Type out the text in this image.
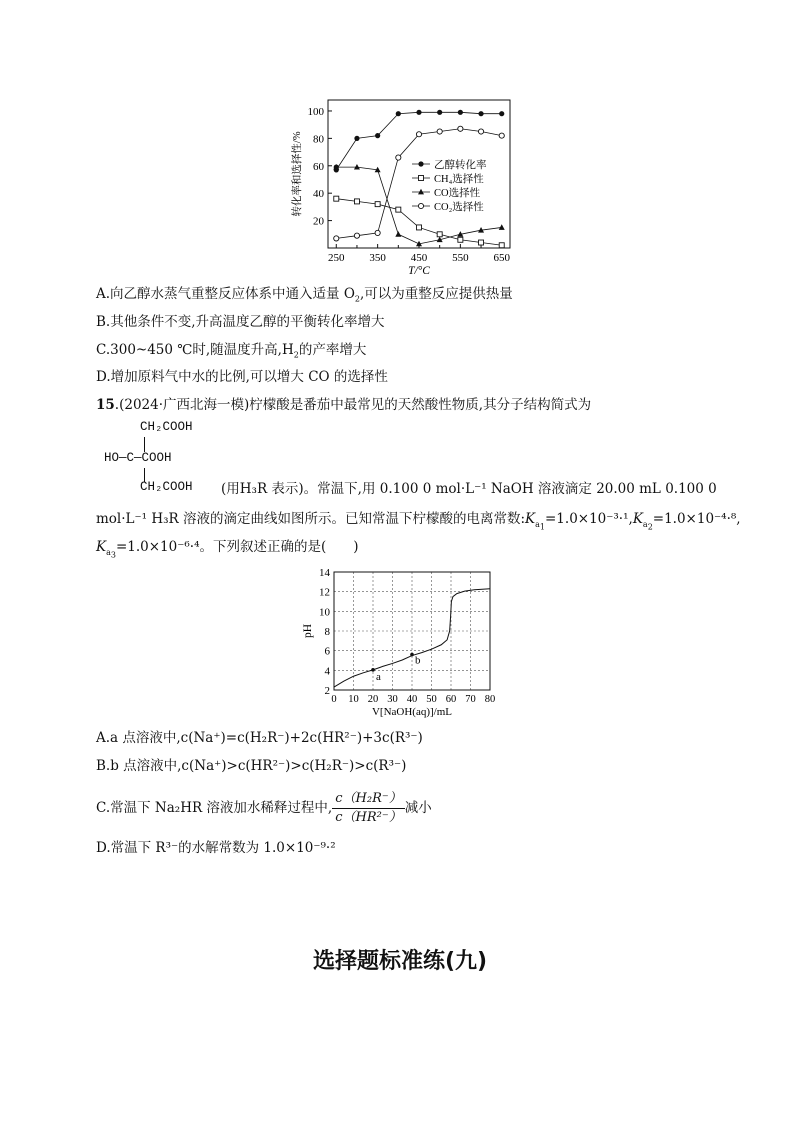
20
40
60
80
100
250 350 450 550 650
T/°C
转化率和选择性/%	乙醇转化率
CH₄选择性
CO选择性
CO₂选择性
A.向乙醇水蒸气重整反应体系中通入适量 $O_2$,可以为重整反应提供热量
B.其他条件不变,升高温度乙醇的平衡转化率增大
C.300~450 ℃时,随温度升高$,H_2$的产率增大
D.增加原料气中水的比例,可以增大 CO 的选择性
15.(2024·广西北海一模)柠檬酸是番茄中最常见的天然酸性物质,其分子结构简式为
CH₂COOH
HO—C—COOH
CH₂COOH (用H₃R 表示)。常温下,用 0.100 0 mol·L⁻¹ NaOH 溶液滴定 20.00 mL 0.100 0
mol·L⁻¹ H₃R 溶液的滴定曲线如图所示。已知常温下柠檬酸的电离常数$:K_{a_1}=1.0\times 10^{-3}\cdot^1,K_{a_2}=1.0\times 10^{-4}\cdot^8$,
$K_{a_3}=1.0\times 10^{-6}\cdot^4$。下列叙述正确的是(　　)
2
4
6
8
10
12
14
0 10 20 30 40 50 60 70 80
V[NaOH(aq)]/mL
pH
a
b
A.a 点溶液中,c(Na⁺)=c(H₂R⁻)+2c(HR²⁻)+3c(R³⁻)
B.b 点溶液中,c(Na⁺)>c(HR²⁻)>c(H₂R⁻)>c(R³⁻)
C.常温下 Na₂HR 溶液加水稀释过程中, $\frac{\text{c（H₂R⁻）}}{\text{c（HR²⁻）}}$ 减小
D.常温下 R³⁻的水解常数为 1.0×10⁻⁹·²
选择题标准练(九)
